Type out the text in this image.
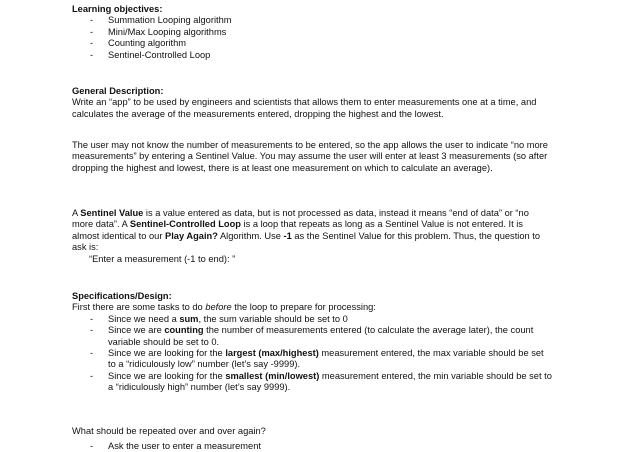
Learning objectives:

- Summation Looping algorithm
- Mini/Max Looping algorithms
- Counting algorithm
- Sentinel-Controlled Loop

General Description:

Write an “app” to be used by engineers and scientists that allows them to enter measurements one at a time, and calculates the average of the measurements entered, dropping the highest and the lowest.

The user may not know the number of measurements to be entered, so the app allows the user to indicate “no more measurements” by entering a Sentinel Value. You may assume the user will enter at least 3 measurements (so after dropping the highest and lowest, there is at least one measurement on which to calculate an average).

A Sentinel Value is a value entered as data, but is not processed as data, instead it means “end of data” or “no more data”. A Sentinel-Controlled Loop is a loop that repeats as long as a Sentinel Value is not entered. It is almost identical to our Play Again? Algorithm. Use -1 as the Sentinel Value for this problem. Thus, the question to ask is:

“Enter a measurement (-1 to end): ”

Specifications/Design:

First there are some tasks to do before the loop to prepare for processing:

- Since we need a sum, the sum variable should be set to 0
- Since we are counting the number of measurements entered (to calculate the average later), the count variable should be set to 0.
- Since we are looking for the largest (max/highest) measurement entered, the max variable should be set to a “ridiculously low” number (let’s say -9999).
- Since we are looking for the smallest (min/lowest) measurement entered, the min variable should be set to a “ridiculously high” number (let’s say 9999).

What should be repeated over and over again?

- Ask the user to enter a measurement
